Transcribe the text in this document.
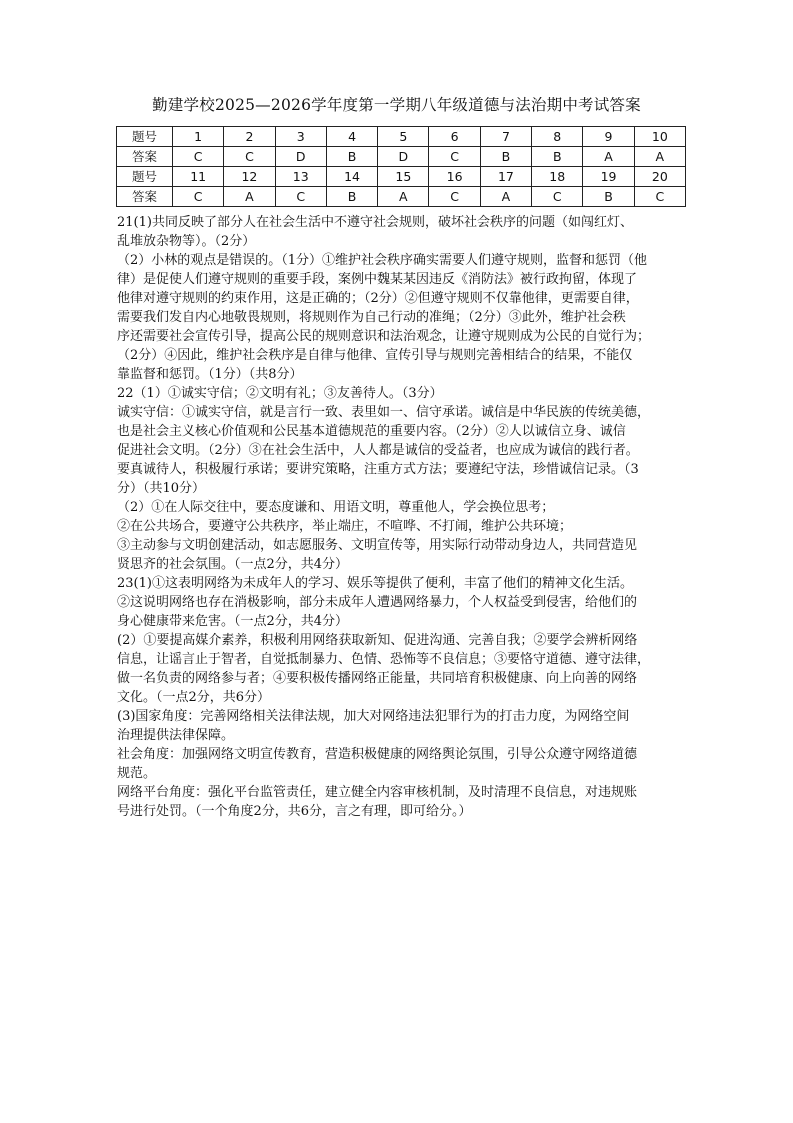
勤建学校2025—2026学年度第一学期八年级道德与法治期中考试答案
题号	1	2	3	4	5	6	7	8	9	10
答案	C	C	D	B	D	C	B	B	A	A
题号	11	12	13	14	15	16	17	18	19	20
答案	C	A	C	B	A	C	A	C	B	C

21(1)共同反映了部分人在社会生活中不遵守社会规则，破坏社会秩序的问题（如闯红灯、

乱堆放杂物等）。（2分）

（2）小林的观点是错误的。（1分）①维护社会秩序确实需要人们遵守规则，监督和惩罚（他

律）是促使人们遵守规则的重要手段，案例中魏某某因违反《消防法》被行政拘留，体现了

他律对遵守规则的约束作用，这是正确的；（2分）②但遵守规则不仅靠他律，更需要自律，

需要我们发自内心地敬畏规则，将规则作为自己行动的准绳；（2分）③此外，维护社会秩

序还需要社会宣传引导，提高公民的规则意识和法治观念，让遵守规则成为公民的自觉行为；

（2分）④因此，维护社会秩序是自律与他律、宣传引导与规则完善相结合的结果，不能仅

靠监督和惩罚。（1分）（共8分）

22（1）①诚实守信；②文明有礼；③友善待人。（3分）

诚实守信：①诚实守信，就是言行一致、表里如一、信守承诺。诚信是中华民族的传统美德，

也是社会主义核心价值观和公民基本道德规范的重要内容。（2分）②人以诚信立身、诚信

促进社会文明。（2分）③在社会生活中，人人都是诚信的受益者，也应成为诚信的践行者。

要真诚待人，积极履行承诺；要讲究策略，注重方式方法；要遵纪守法，珍惜诚信记录。（3

分）（共10分）

（2）①在人际交往中，要态度谦和、用语文明，尊重他人，学会换位思考；

②在公共场合，要遵守公共秩序，举止端庄，不喧哗、不打闹，维护公共环境；

③主动参与文明创建活动，如志愿服务、文明宣传等，用实际行动带动身边人，共同营造见

贤思齐的社会氛围。（一点2分，共4分）

23(1)①这表明网络为未成年人的学习、娱乐等提供了便利，丰富了他们的精神文化生活。

②这说明网络也存在消极影响，部分未成年人遭遇网络暴力，个人权益受到侵害，给他们的

身心健康带来危害。（一点2分，共4分）

(2）①要提高媒介素养，积极利用网络获取新知、促进沟通、完善自我；②要学会辨析网络

信息，让谣言止于智者，自觉抵制暴力、色情、恐怖等不良信息；③要恪守道德、遵守法律，

做一名负责的网络参与者；④要积极传播网络正能量，共同培育积极健康、向上向善的网络

文化。（一点2分，共6分）

(3)国家角度：完善网络相关法律法规，加大对网络违法犯罪行为的打击力度，为网络空间

治理提供法律保障。

社会角度：加强网络文明宣传教育，营造积极健康的网络舆论氛围，引导公众遵守网络道德

规范。

网络平台角度：强化平台监管责任，建立健全内容审核机制，及时清理不良信息，对违规账

号进行处罚。（一个角度2分，共6分，言之有理，即可给分。）
